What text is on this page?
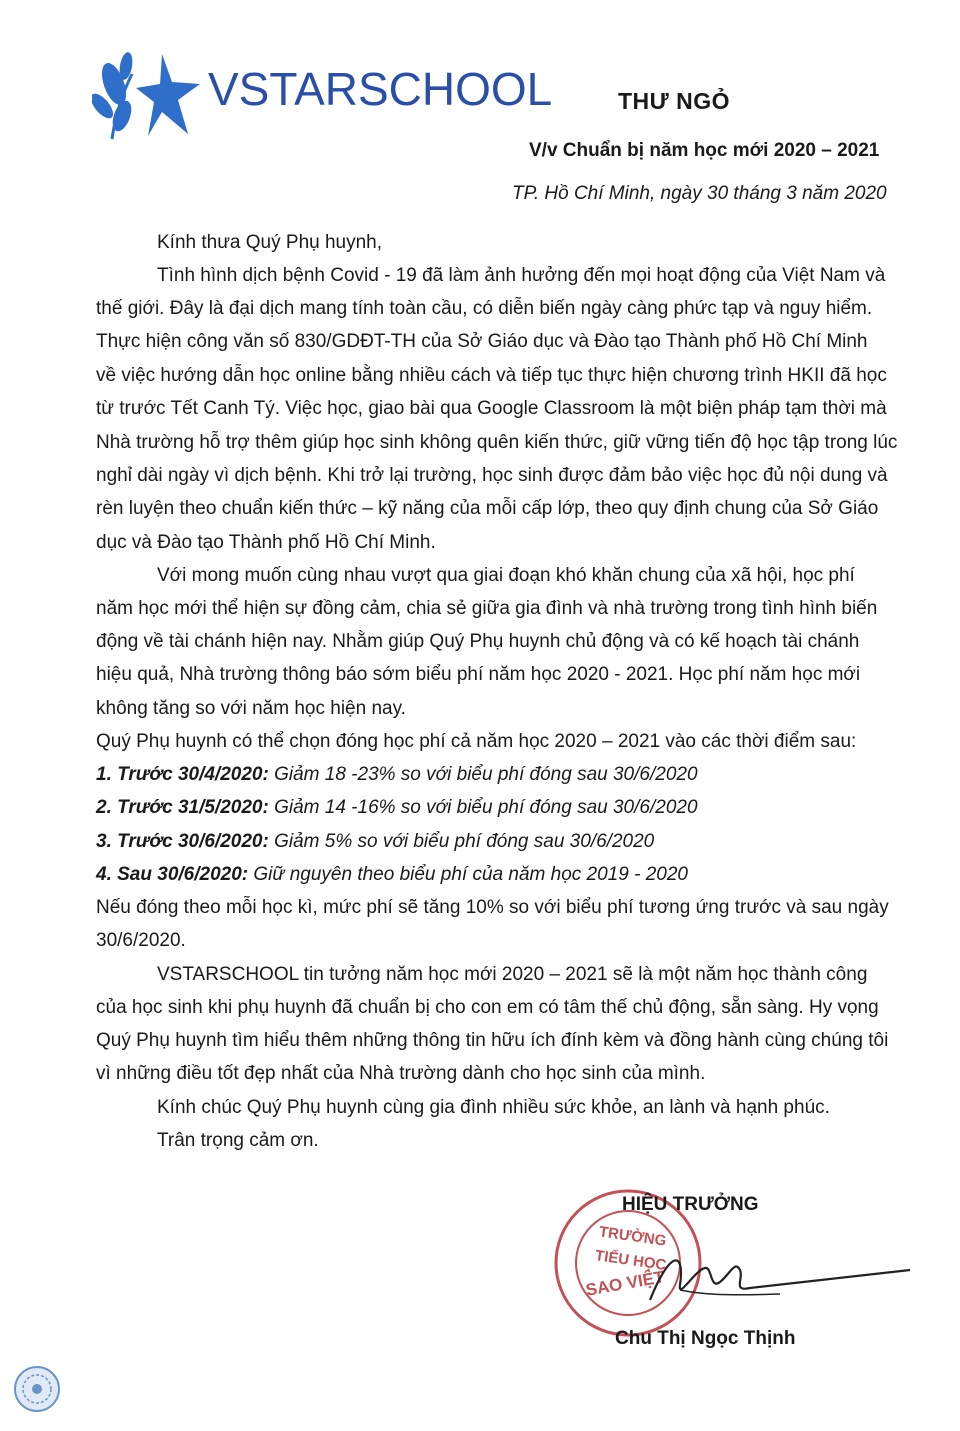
VSTARSCHOOL	THƯ NGỎ
V/v Chuẩn bị năm học mới 2020 – 2021
TP. Hồ Chí Minh, ngày 30 tháng 3 năm 2020
Kính thưa Quý Phụ huynh,
Tình hình dịch bệnh Covid - 19 đã làm ảnh hưởng đến mọi hoạt động của Việt Nam và
thế giới. Đây là đại dịch mang tính toàn cầu, có diễn biến ngày càng phức tạp và nguy hiểm.
Thực hiện công văn số 830/GDĐT-TH của Sở Giáo dục và Đào tạo Thành phố Hồ Chí Minh
về việc hướng dẫn học online bằng nhiều cách và tiếp tục thực hiện chương trình HKII đã học
từ trước Tết Canh Tý. Việc học, giao bài qua Google Classroom là một biện pháp tạm thời mà
Nhà trường hỗ trợ thêm giúp học sinh không quên kiến thức, giữ vững tiến độ học tập trong lúc
nghỉ dài ngày vì dịch bệnh. Khi trở lại trường, học sinh được đảm bảo việc học đủ nội dung và
rèn luyện theo chuẩn kiến thức – kỹ năng của mỗi cấp lớp, theo quy định chung của Sở Giáo
dục và Đào tạo Thành phố Hồ Chí Minh.
Với mong muốn cùng nhau vượt qua giai đoạn khó khăn chung của xã hội, học phí
năm học mới thể hiện sự đồng cảm, chia sẻ giữa gia đình và nhà trường trong tình hình biến
động về tài chánh hiện nay. Nhằm giúp Quý Phụ huynh chủ động và có kế hoạch tài chánh
hiệu quả, Nhà trường thông báo sớm biểu phí năm học 2020 - 2021. Học phí năm học mới
không tăng so với năm học hiện nay.
Quý Phụ huynh có thể chọn đóng học phí cả năm học 2020 – 2021 vào các thời điểm sau:
1. Trước 30/4/2020: Giảm 18 -23% so với biểu phí đóng sau 30/6/2020
2. Trước 31/5/2020: Giảm 14 -16% so với biểu phí đóng sau 30/6/2020
3. Trước 30/6/2020: Giảm 5% so với biểu phí đóng sau 30/6/2020
4. Sau 30/6/2020: Giữ nguyên theo biểu phí của năm học 2019 - 2020
Nếu đóng theo mỗi học kì, mức phí sẽ tăng 10% so với biểu phí tương ứng trước và sau ngày
30/6/2020.
VSTARSCHOOL tin tưởng năm học mới 2020 – 2021 sẽ là một năm học thành công
của học sinh khi phụ huynh đã chuẩn bị cho con em có tâm thế chủ động, sẵn sàng. Hy vọng
Quý Phụ huynh tìm hiểu thêm những thông tin hữu ích đính kèm và đồng hành cùng chúng tôi
vì những điều tốt đẹp nhất của Nhà trường dành cho học sinh của mình.
Kính chúc Quý Phụ huynh cùng gia đình nhiều sức khỏe, an lành và hạnh phúc.
Trân trọng cảm ơn.
TRƯỜNG
TIỂU HỌC
SAO VIỆT
HIỆU TRƯỞNG
Chu Thị Ngọc Thịnh
